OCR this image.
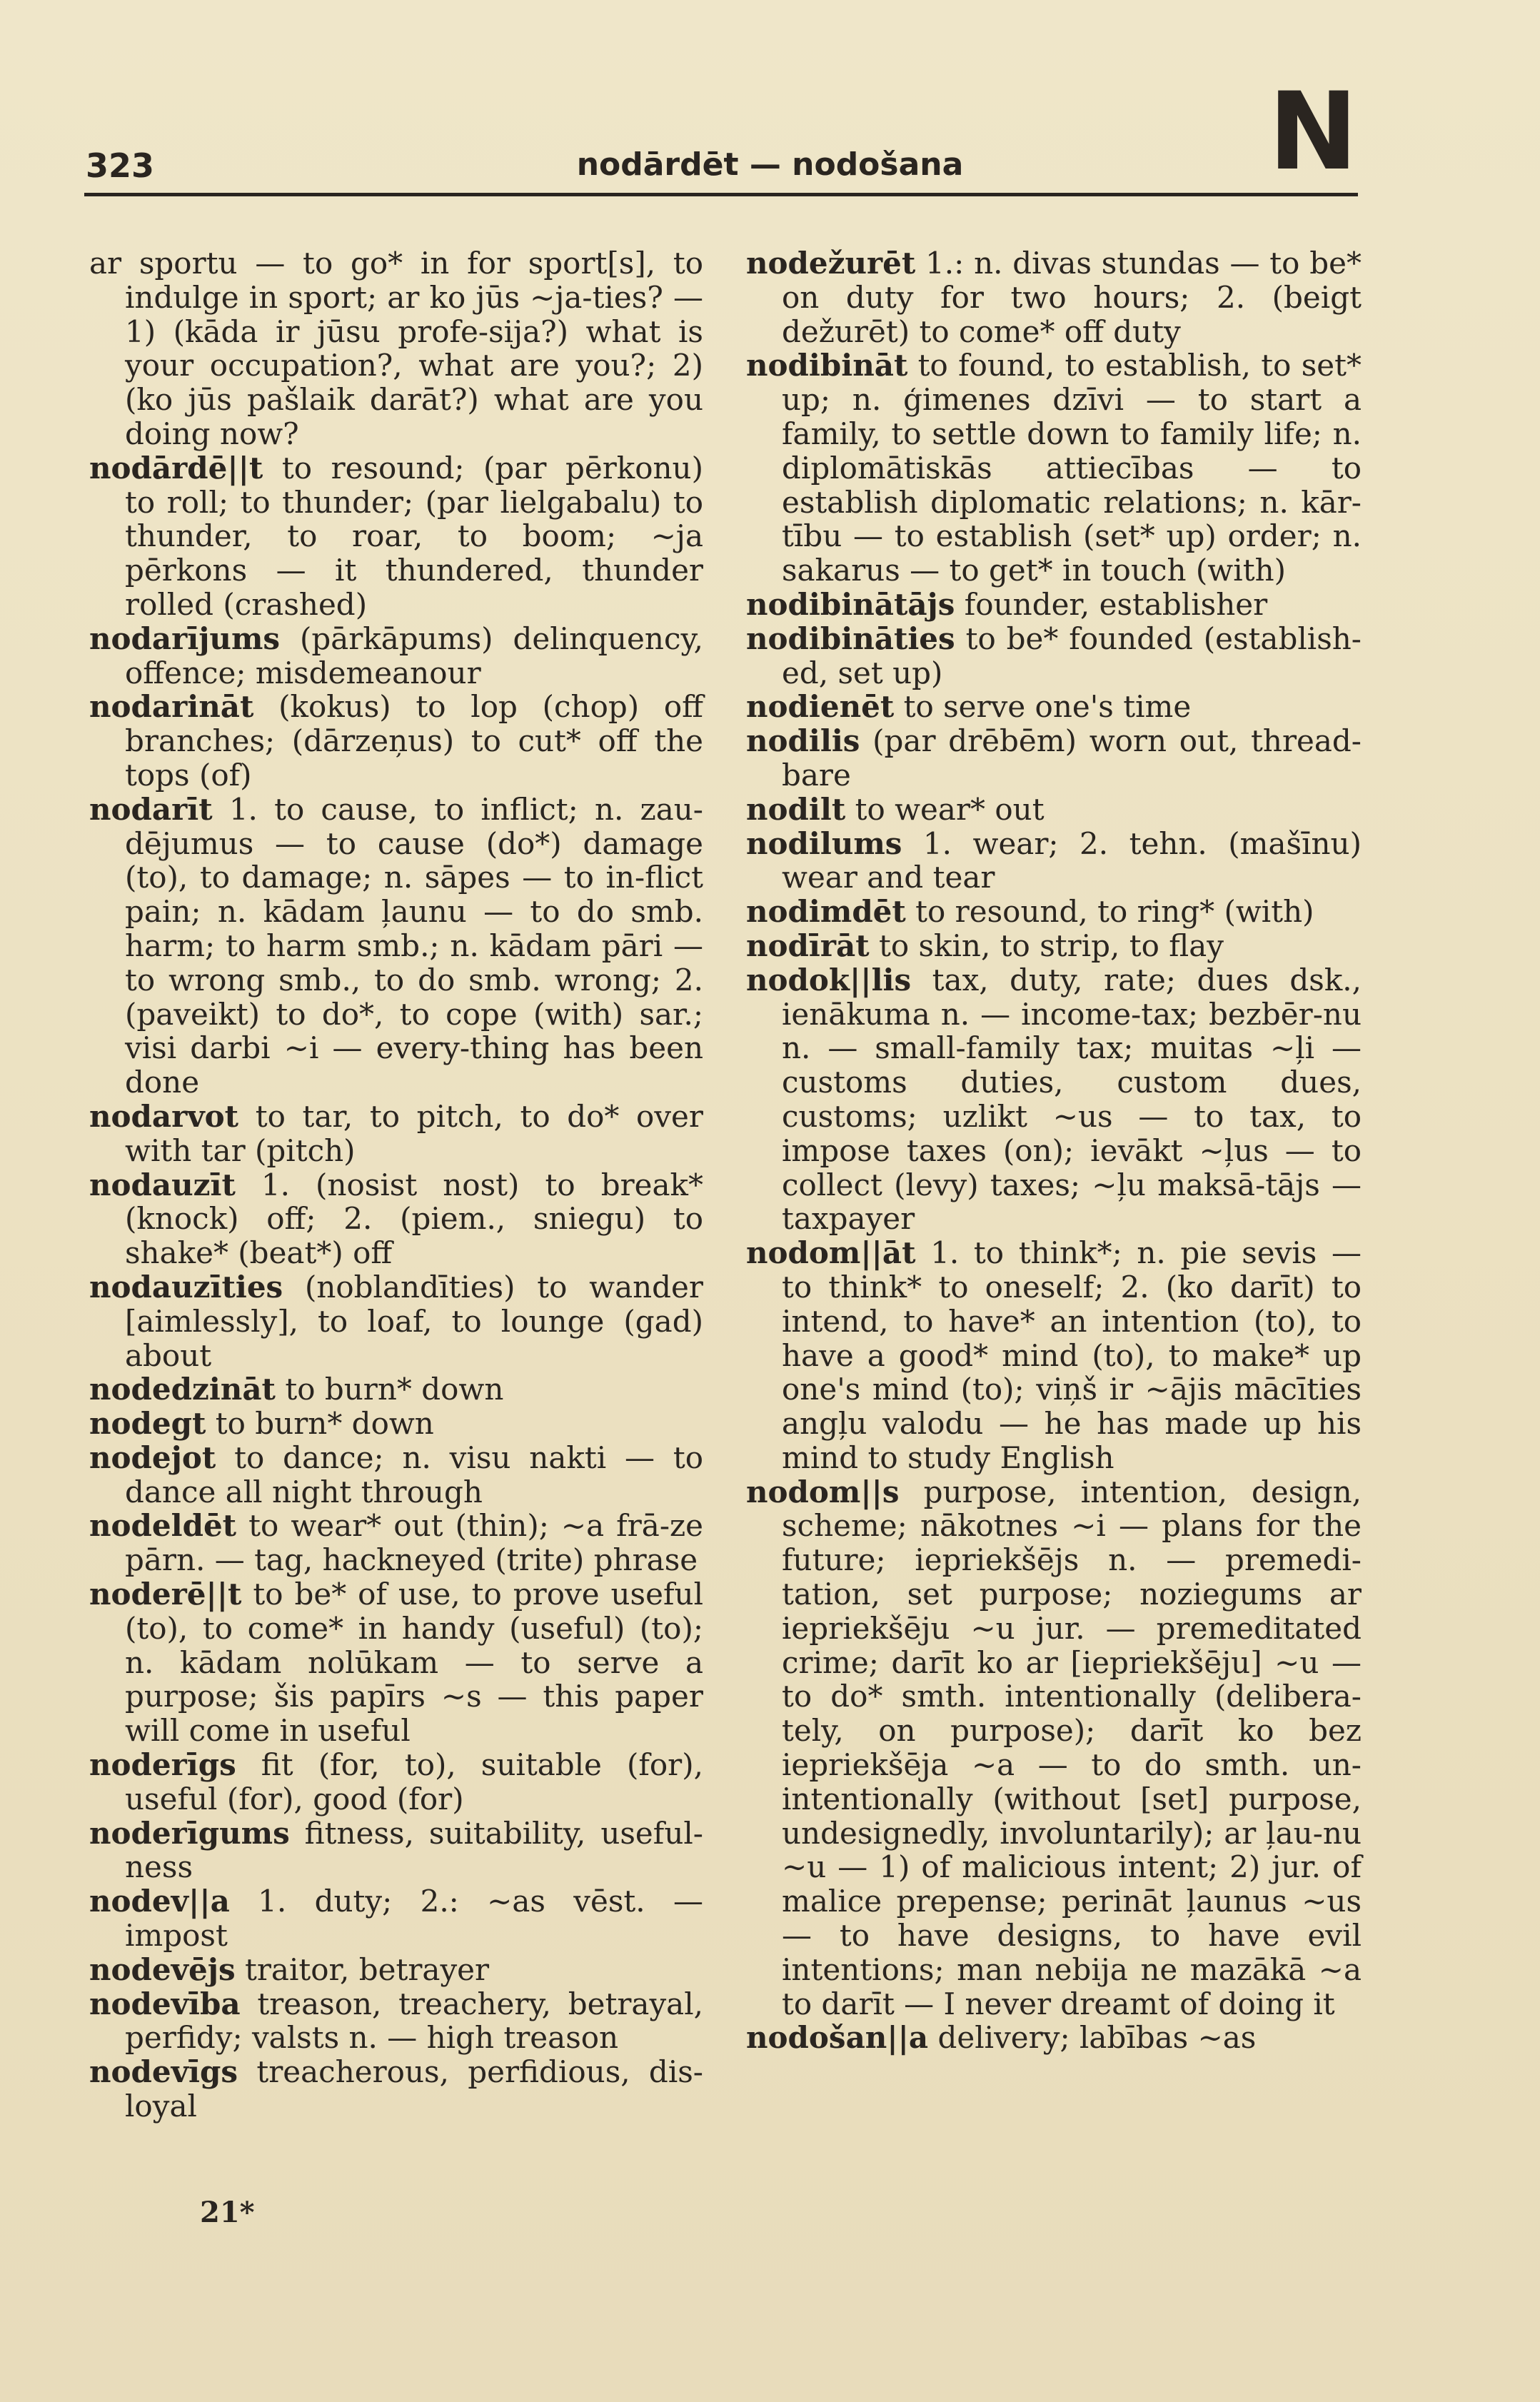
323	nodārdēt — nodošana	N
ar sportu — to go* in for sport[s], to indulge in sport; ar ko jūs ~ja-ties? — 1) (kāda ir jūsu profe-sija?) what is your occupation?, what are you?; 2) (ko jūs pašlaik darāt?) what are you doing now?
nodārdē||t to resound; (par pērkonu) to roll; to thunder; (par lielgabalu) to thunder, to roar, to boom; ~ja pērkons — it thundered, thunder rolled (crashed)
nodarījums (pārkāpums) delinquency, offence; misdemeanour
nodarināt (kokus) to lop (chop) off branches; (dārzeņus) to cut* off the tops (of)
nodarīt 1. to cause, to inflict; n. zau-dējumus — to cause (do*) damage (to), to damage; n. sāpes — to in-flict pain; n. kādam ļaunu — to do smb. harm; to harm smb.; n. kādam pāri — to wrong smb., to do smb. wrong; 2. (paveikt) to do*, to cope (with) sar.; visi darbi ~i — every-thing has been done
nodarvot to tar, to pitch, to do* over with tar (pitch)
nodauzīt 1. (nosist nost) to break* (knock) off; 2. (piem., sniegu) to shake* (beat*) off
nodauzīties (noblandīties) to wander [aimlessly], to loaf, to lounge (gad) about
nodedzināt to burn* down
nodegt to burn* down
nodejot to dance; n. visu nakti — to dance all night through
nodeldēt to wear* out (thin); ~a frā-ze pārn. — tag, hackneyed (trite) phrase
noderē||t to be* of use, to prove useful (to), to come* in handy (useful) (to); n. kādam nolūkam — to serve a purpose; šis papīrs ~s — this paper will come in useful
noderīgs fit (for, to), suitable (for), useful (for), good (for)
noderīgums fitness, suitability, useful-ness
nodev||a 1. duty; 2.: ~as vēst. — impost
nodevējs traitor, betrayer
nodevība treason, treachery, betrayal, perfidy; valsts n. — high treason
nodevīgs treacherous, perfidious, dis-loyal
nodežurēt 1.: n. divas stundas — to be* on duty for two hours; 2. (beigt dežurēt) to come* off duty
nodibināt to found, to establish, to set* up; n. ģimenes dzīvi — to start a family, to settle down to family life; n. diplomātiskās attiecības — to establish diplomatic relations; n. kār-tību — to establish (set* up) order; n. sakarus — to get* in touch (with)
nodibinātājs founder, establisher
nodibināties to be* founded (establish-ed, set up)
nodienēt to serve one's time
nodilis (par drēbēm) worn out, thread-bare
nodilt to wear* out
nodilums 1. wear; 2. tehn. (mašīnu) wear and tear
nodimdēt to resound, to ring* (with)
nodīrāt to skin, to strip, to flay
nodok||lis tax, duty, rate; dues dsk., ienākuma n. — income-tax; bezbēr-nu n. — small-family tax; muitas ~ļi — customs duties, custom dues, customs; uzlikt ~us — to tax, to impose taxes (on); ievākt ~ļus — to collect (levy) taxes; ~ļu maksā-tājs — taxpayer
nodom||āt 1. to think*; n. pie sevis — to think* to oneself; 2. (ko darīt) to intend, to have* an intention (to), to have a good* mind (to), to make* up one's mind (to); viņš ir ~ājis mācīties angļu valodu — he has made up his mind to study English
nodom||s purpose, intention, design, scheme; nākotnes ~i — plans for the future; iepriekšējs n. — premedi-tation, set purpose; noziegums ar iepriekšēju ~u jur. — premeditated crime; darīt ko ar [iepriekšēju] ~u — to do* smth. intentionally (delibera-tely, on purpose); darīt ko bez iepriekšēja ~a — to do smth. un-intentionally (without [set] purpose, undesignedly, involuntarily); ar ļau-nu ~u — 1) of malicious intent; 2) jur. of malice prepense; perināt ļaunus ~us — to have designs, to have evil intentions; man nebija ne mazākā ~a to darīt — I never dreamt of doing it
nodošan||a delivery; labības ~as
21*
